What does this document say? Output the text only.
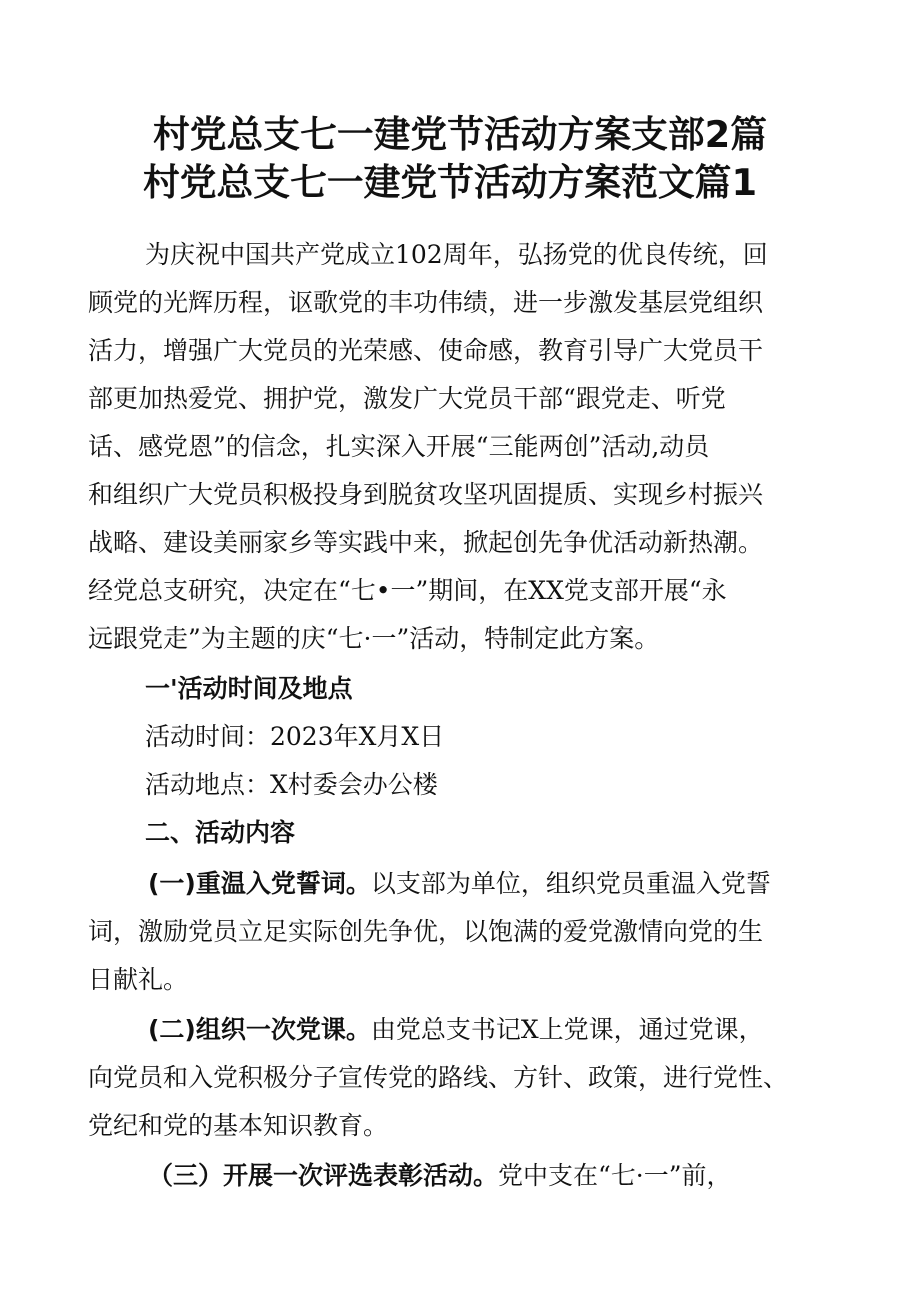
村党总支七一建党节活动方案支部2篇
村党总支七一建党节活动方案范文篇1

为庆祝中国共产党成立102周年，弘扬党的优良传统，回

顾党的光辉历程，讴歌党的丰功伟绩，进一步激发基层党组织

活力，增强广大党员的光荣感、使命感，教育引导广大党员干

部更加热爱党、拥护党，激发广大党员干部“跟党走、听党

话、感党恩”的信念，扎实深入开展“三能两创”活动,动员

和组织广大党员积极投身到脱贫攻坚巩固提质、实现乡村振兴

战略、建设美丽家乡等实践中来，掀起创先争优活动新热潮。

经党总支研究，决定在“七•一”期间，在XX党支部开展“永

远跟党走”为主题的庆“七·一”活动，特制定此方案。

一'活动时间及地点

活动时间：2023年X月X日

活动地点：X村委会办公楼

二、活动内容

(一)重温入党誓词。以支部为单位，组织党员重温入党誓

词，激励党员立足实际创先争优，以饱满的爱党激情向党的生

日献礼。

(二)组织一次党课。由党总支书记X上党课，通过党课，

向党员和入党积极分子宣传党的路线、方针、政策，进行党性、

党纪和党的基本知识教育。

（三）开展一次评选表彰活动。党中支在“七·一”前，
